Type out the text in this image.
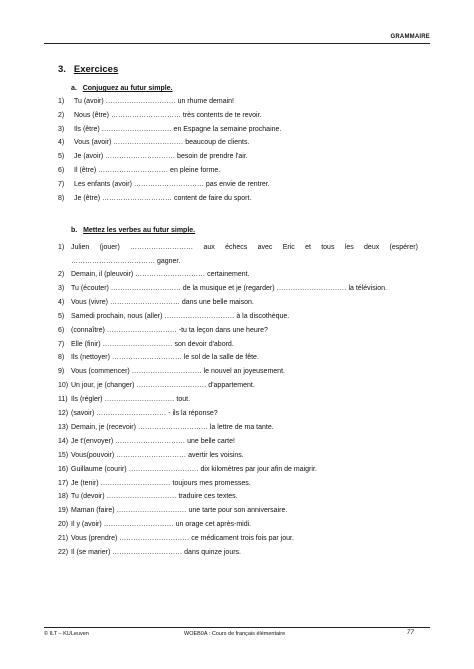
GRAMMAIRE
3. Exercices
a. Conjuguez au futur simple.
1) Tu (avoir) ………………………… un rhume demain!
2) Nous (être) ………………………… très contents de te revoir.
3) Ils (être) ………………………… en Espagne la semaine prochaine.
4) Vous (avoir) ………………………… beaucoup de clients.
5) Je (avoir) ………………………… besoin de prendre l'air.
6) Il (être) ………………………… en pleine forme.
7) Les enfants (avoir) ………………………… pas envie de rentrer.
8) Je (être) ………………………… content de faire du sport.
b. Mettez les verbes au futur simple.
1) Julien (jouer) ……………………… aux échecs avec Eric et tous les deux (espérer)
……………………………… gagner.
2) Demain, il (pleuvoir) ………………………… certainement.
3) Tu (écouter) ………………………… de la musique et je (regarder) ………………………… la télévision.
4) Vous (vivre) ………………………… dans une belle maison.
5) Samedi prochain, nous (aller) ………………………… à la discothèque.
6) (connaître) ………………………… -tu ta leçon dans une heure?
7) Elle (finir) ………………………… son devoir d'abord.
8) Ils (nettoyer) ………………………… le sol de la salle de fête.
9) Vous (commencer) ………………………… le nouvel an joyeusement.
10) Un jour, je (changer) ………………………… d'appartement.
11) Ils (régler) ………………………… tout.
12) (savoir) ………………………… - ils la réponse?
13) Demain, je (recevoir) ………………………… la lettre de ma tante.
14) Je t'(envoyer) ………………………… une belle carte!
15) Vous(pouvoir) ………………………… avertir les voisins.
16) Guillaume (courir) ………………………… dix kilomètres par jour afin de maigrir.
17) Je (tenir) ………………………… toujours mes promesses.
18) Tu (devoir) ………………………… traduire ces textes.
19) Maman (faire) ………………………… une tarte pour son anniversaire.
20) Il y (avoir) ………………………… un orage cet après-midi.
21) Vous (prendre) ………………………… ce médicament trois fois par jour.
22) Il (se marier) ………………………… dans quinze jours.
© ILT – KULeuven	WOEB0A : Cours de français élémentaire	77
